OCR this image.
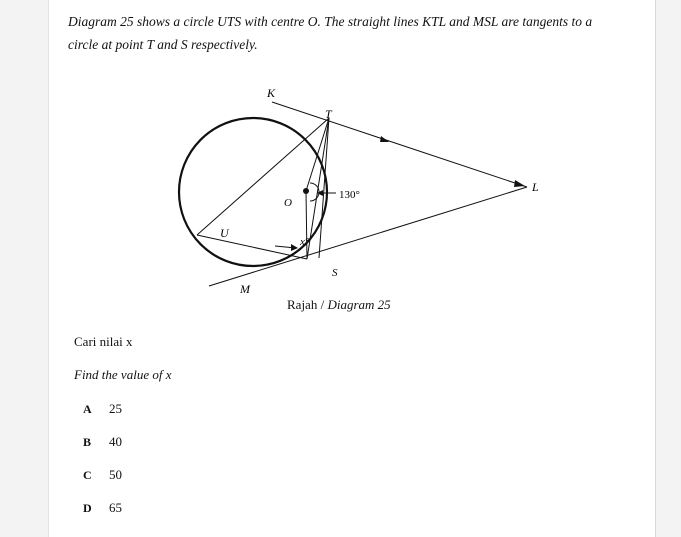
Diagram 25 shows a circle UTS with centre O. The straight lines KTL and MSL are tangents to a
circle at point T and S respectively.
K
T
L
O
U
S
M
130°
x°
Rajah / Diagram 25
Cari nilai x
Find the value of x
A 25
B 40
C 50
D 65
